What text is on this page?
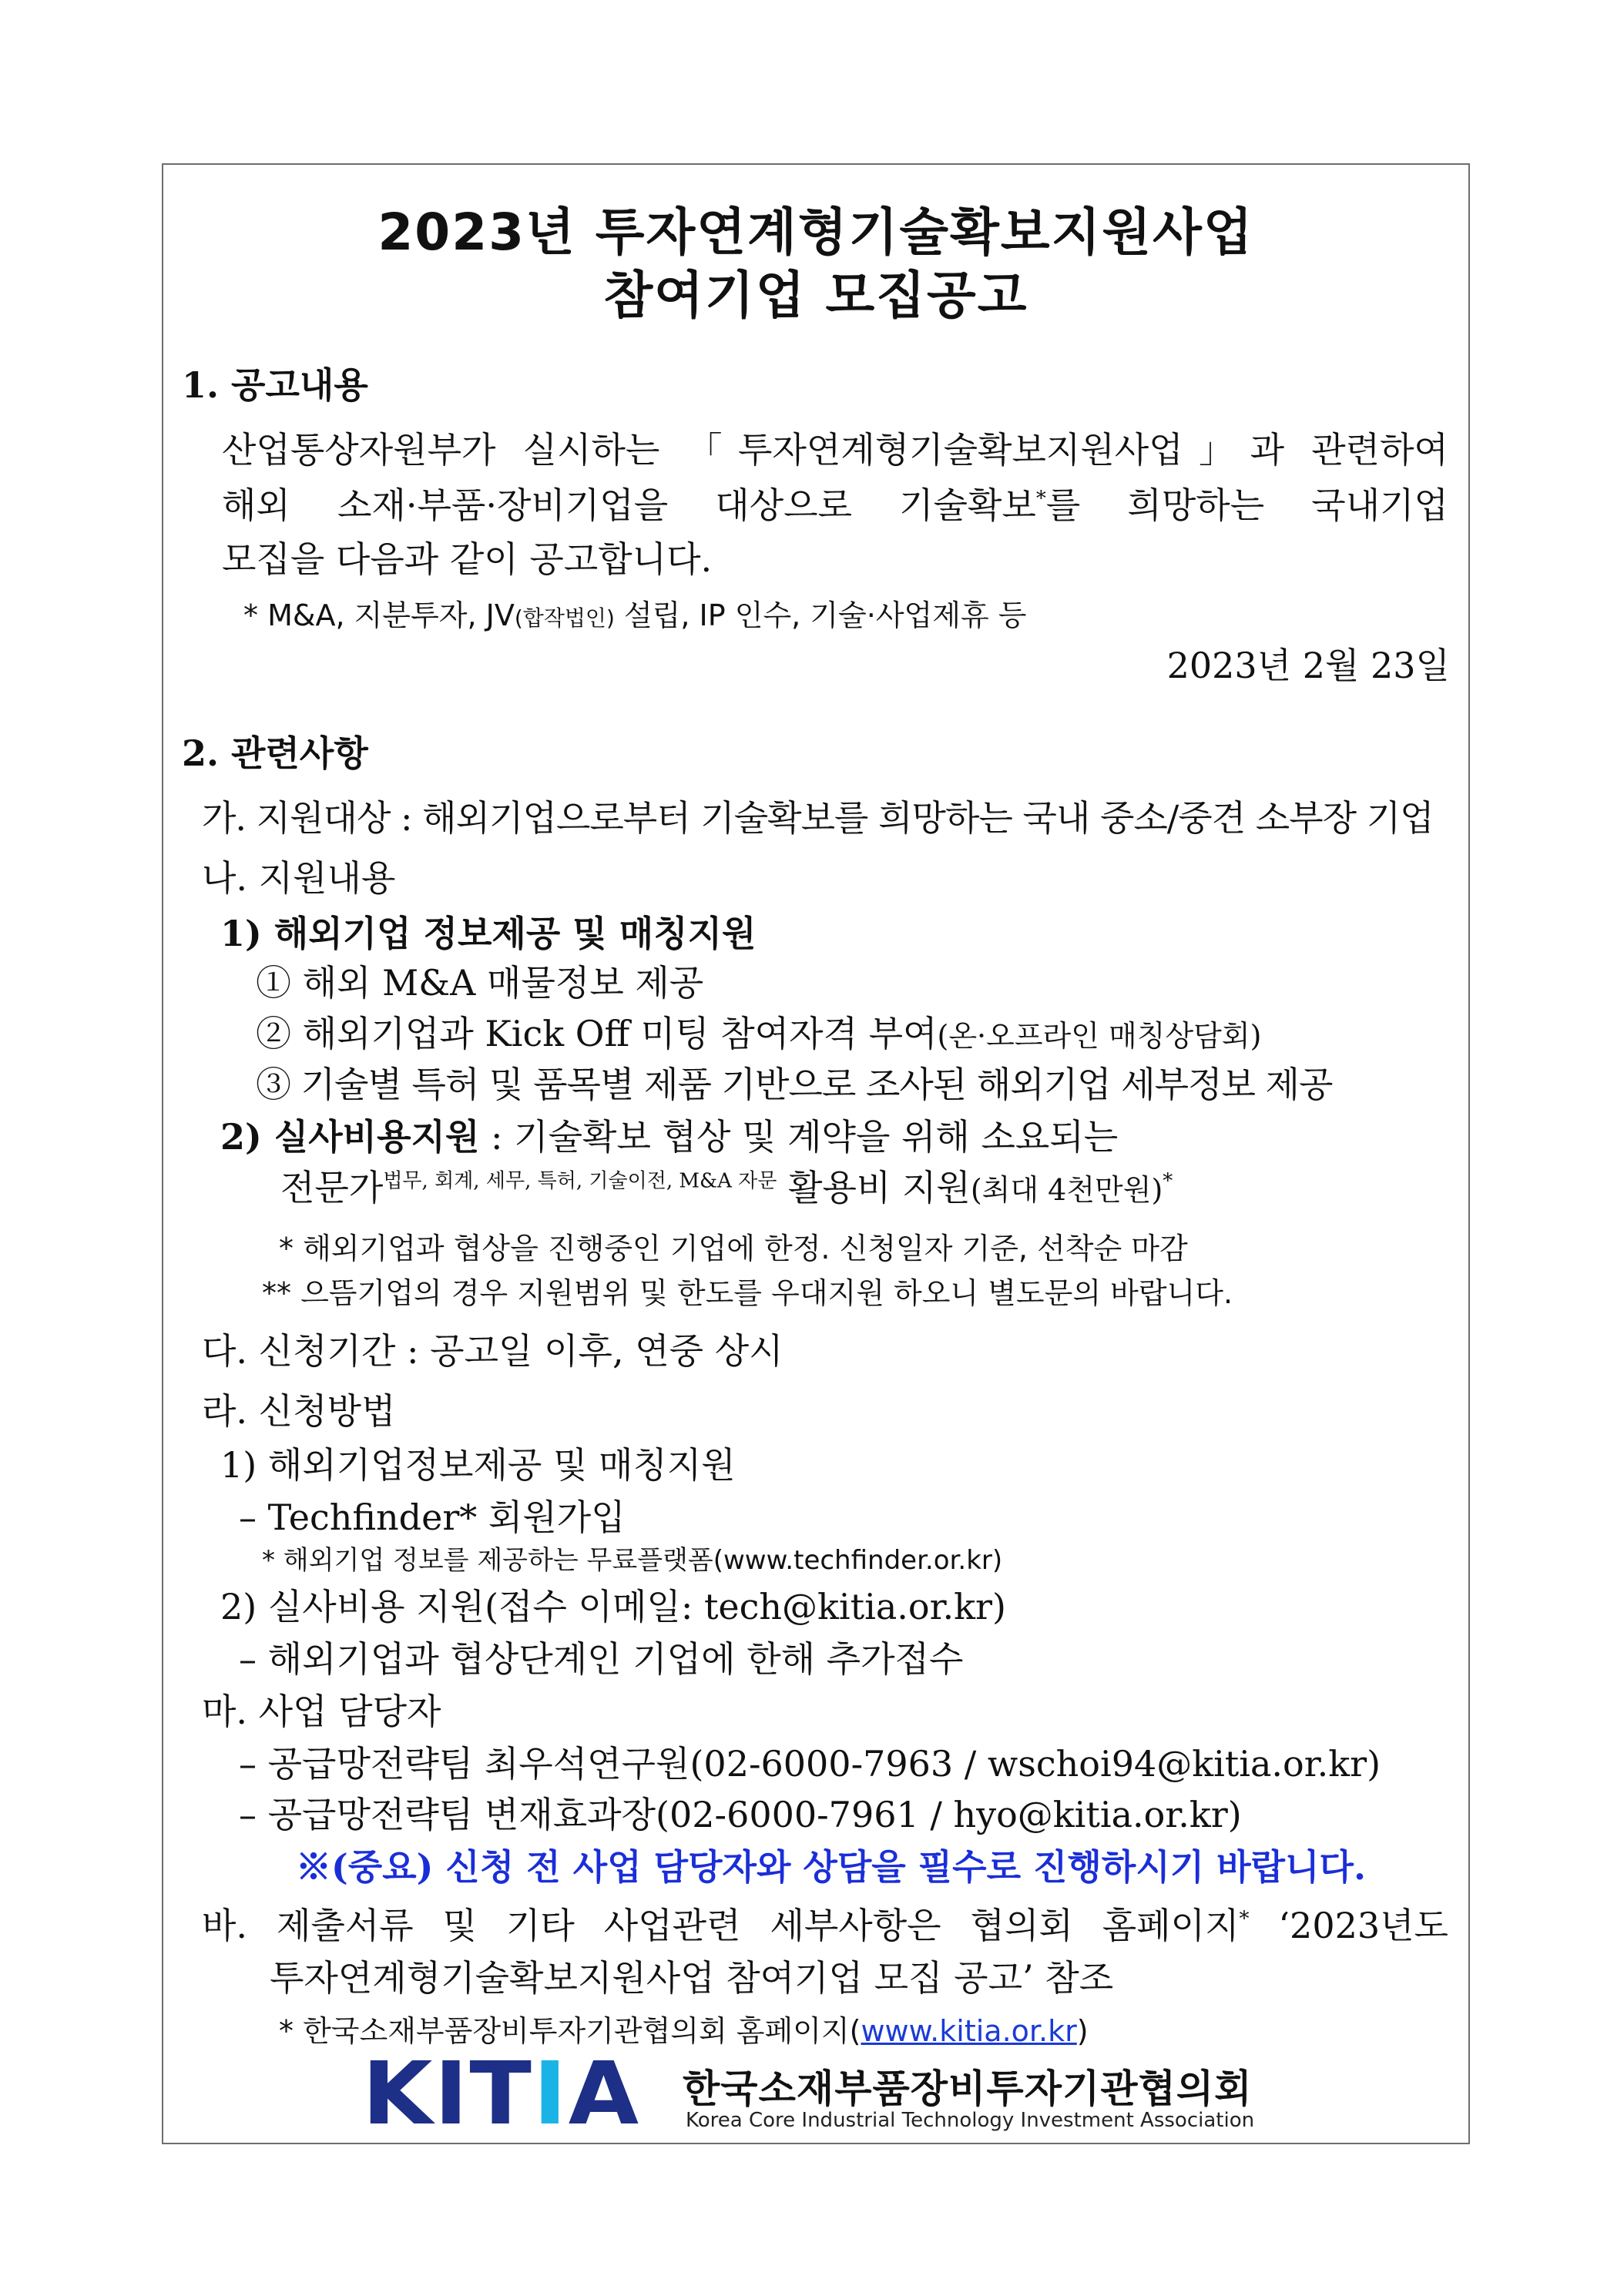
2023년 투자연계형기술확보지원사업
참여기업 모집공고
1. 공고내용
산업통상자원부가 실시하는 「투자연계형기술확보지원사업」과 관련하여
해외 소재·부품·장비기업을 대상으로 기술확보*를 희망하는 국내기업
모집을 다음과 같이 공고합니다.
* M&A, 지분투자, JV(합작법인) 설립, IP 인수, 기술·사업제휴 등
2023년 2월 23일
2. 관련사항
가. 지원대상 : 해외기업으로부터 기술확보를 희망하는 국내 중소/중견 소부장 기업
나. 지원내용
1) 해외기업 정보제공 및 매칭지원
① 해외 M&A 매물정보 제공
② 해외기업과 Kick Off 미팅 참여자격 부여(온·오프라인 매칭상담회)
③ 기술별 특허 및 품목별 제품 기반으로 조사된 해외기업 세부정보 제공
2) 실사비용지원 : 기술확보 협상 및 계약을 위해 소요되는
전문가$^{법무, 회계, 세무, 특허, 기술이전, M\&A 자문}$ 활용비 지원(최대 4천만원)*
* 해외기업과 협상을 진행중인 기업에 한정. 신청일자 기준, 선착순 마감
** 으뜸기업의 경우 지원범위 및 한도를 우대지원 하오니 별도문의 바랍니다.
다. 신청기간 : 공고일 이후, 연중 상시
라. 신청방법
1) 해외기업정보제공 및 매칭지원
– Techfinder* 회원가입
* 해외기업 정보를 제공하는 무료플랫폼(www.techfinder.or.kr)
2) 실사비용 지원(접수 이메일: tech@kitia.or.kr)
– 해외기업과 협상단계인 기업에 한해 추가접수
마. 사업 담당자
– 공급망전략팀 최우석연구원(02-6000-7963 / wschoi94@kitia.or.kr)
– 공급망전략팀 변재효과장(02-6000-7961 / hyo@kitia.or.kr)
※(중요) 신청 전 사업 담당자와 상담을 필수로 진행하시기 바랍니다.
바. 제출서류 및 기타 사업관련 세부사항은 협의회 홈페이지* ‘2023년도
투자연계형기술확보지원사업 참여기업 모집 공고’ 참조
* 한국소재부품장비투자기관협의회 홈페이지(www.kitia.or.kr)
KITIA 한국소재부품장비투자기관협의회
Korea Core Industrial Technology Investment Association
